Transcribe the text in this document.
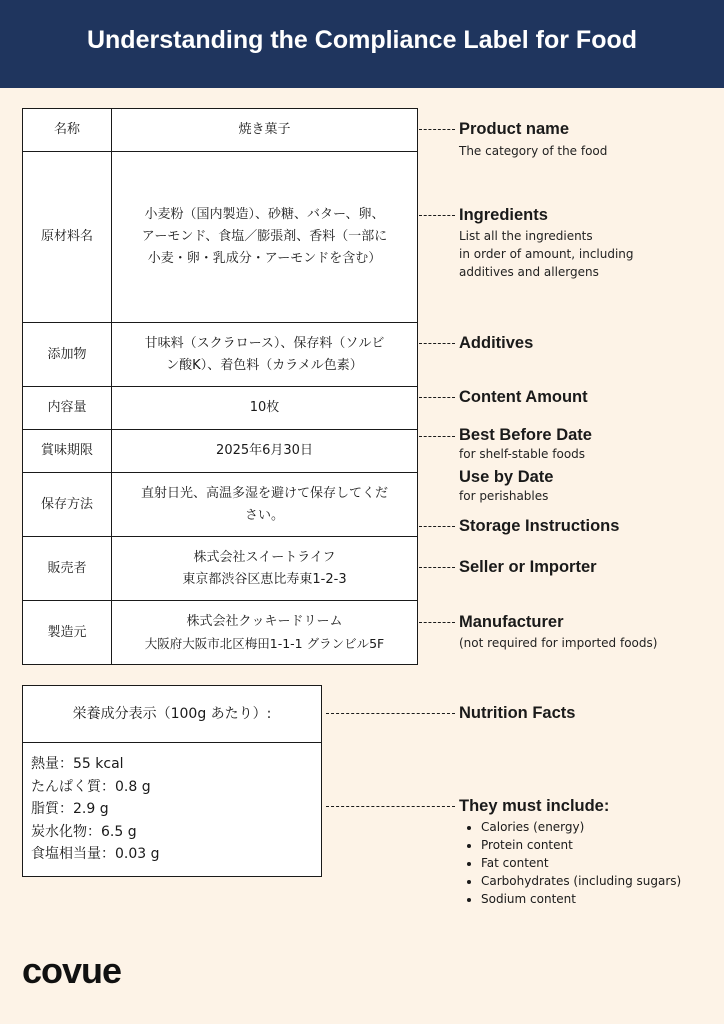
Understanding the Compliance Label for Food
名称	焼き菓子

原材料名	小麦粉（国内製造）、砂糖、バター、卵、
アーモンド、食塩／膨張剤、香料（一部に
小麦・卵・乳成分・アーモンドを含む）

添加物	甘味料（スクラロース）、保存料（ソルビ
ン酸K）、着色料（カラメル色素）

内容量	10枚

賞味期限	2025年6月30日

保存方法	直射日光、高温多湿を避けて保存してくだ
さい。

販売者	株式会社スイートライフ
東京都渋谷区恵比寿東1-2-3

製造元	株式会社クッキードリーム
大阪府大阪市北区梅田1-1-1 グランビル5F
栄養成分表示（100g あたり）:
熱量：55 kcal
たんぱく質：0.8 g
脂質：2.9 g
炭水化物：6.5 g
食塩相当量：0.03 g
Product name
The category of the food
Ingredients
List all the ingredients
in order of amount, including
additives and allergens
Additives
Content Amount
Best Before Date
for shelf-stable foods
Use by Date
for perishables
Storage Instructions
Seller or Importer
Manufacturer
(not required for imported foods)
Nutrition Facts
They must include:
• Calories (energy)
• Protein content
• Fat content
• Carbohydrates (including sugars)
• Sodium content
covue
